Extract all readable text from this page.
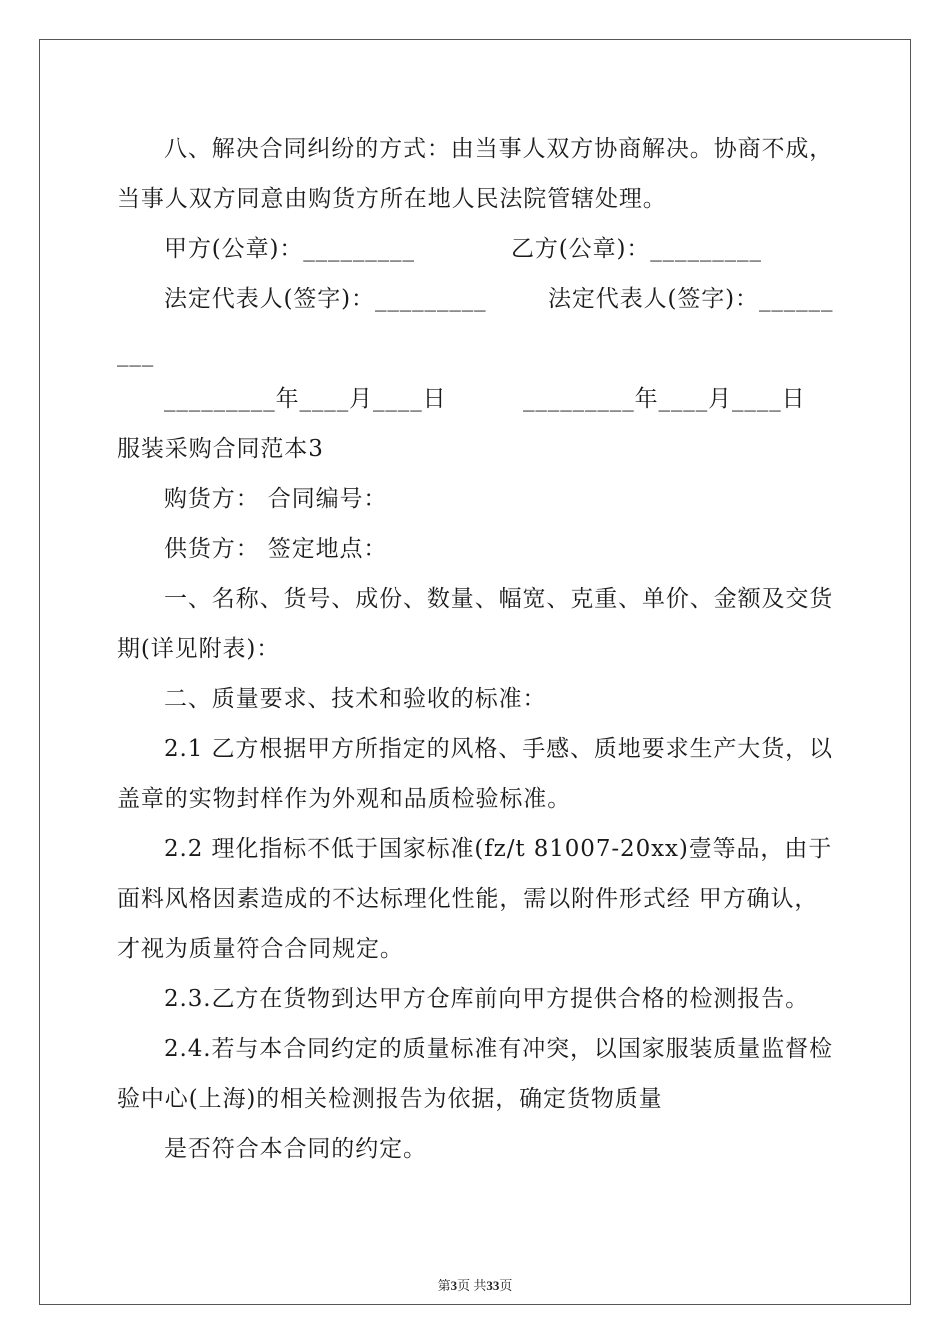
八、解决合同纠纷的方式：由当事人双方协商解决。协商不成，
当事人双方同意由购货方所在地人民法院管辖处理。
甲方(公章)：_________	乙方(公章)：_________
法定代表人(签字)：_________	法定代表人(签字)：______
___
_________年____月____日	_________年____月____日
服装采购合同范本3
购货方： 合同编号：
供货方： 签定地点：
一、名称、货号、成份、数量、幅宽、克重、单价、金额及交货
期(详见附表)：
二、质量要求、技术和验收的标准：
2.1 乙方根据甲方所指定的风格、手感、质地要求生产大货，以
盖章的实物封样作为外观和品质检验标准。
2.2 理化指标不低于国家标准(fz/t 81007-20xx)壹等品，由于
面料风格因素造成的不达标理化性能，需以附件形式经 甲方确认，
才视为质量符合合同规定。
2.3.乙方在货物到达甲方仓库前向甲方提供合格的检测报告。
2.4.若与本合同约定的质量标准有冲突，以国家服装质量监督检
验中心(上海)的相关检测报告为依据，确定货物质量
是否符合本合同的约定。
第3页 共33页
